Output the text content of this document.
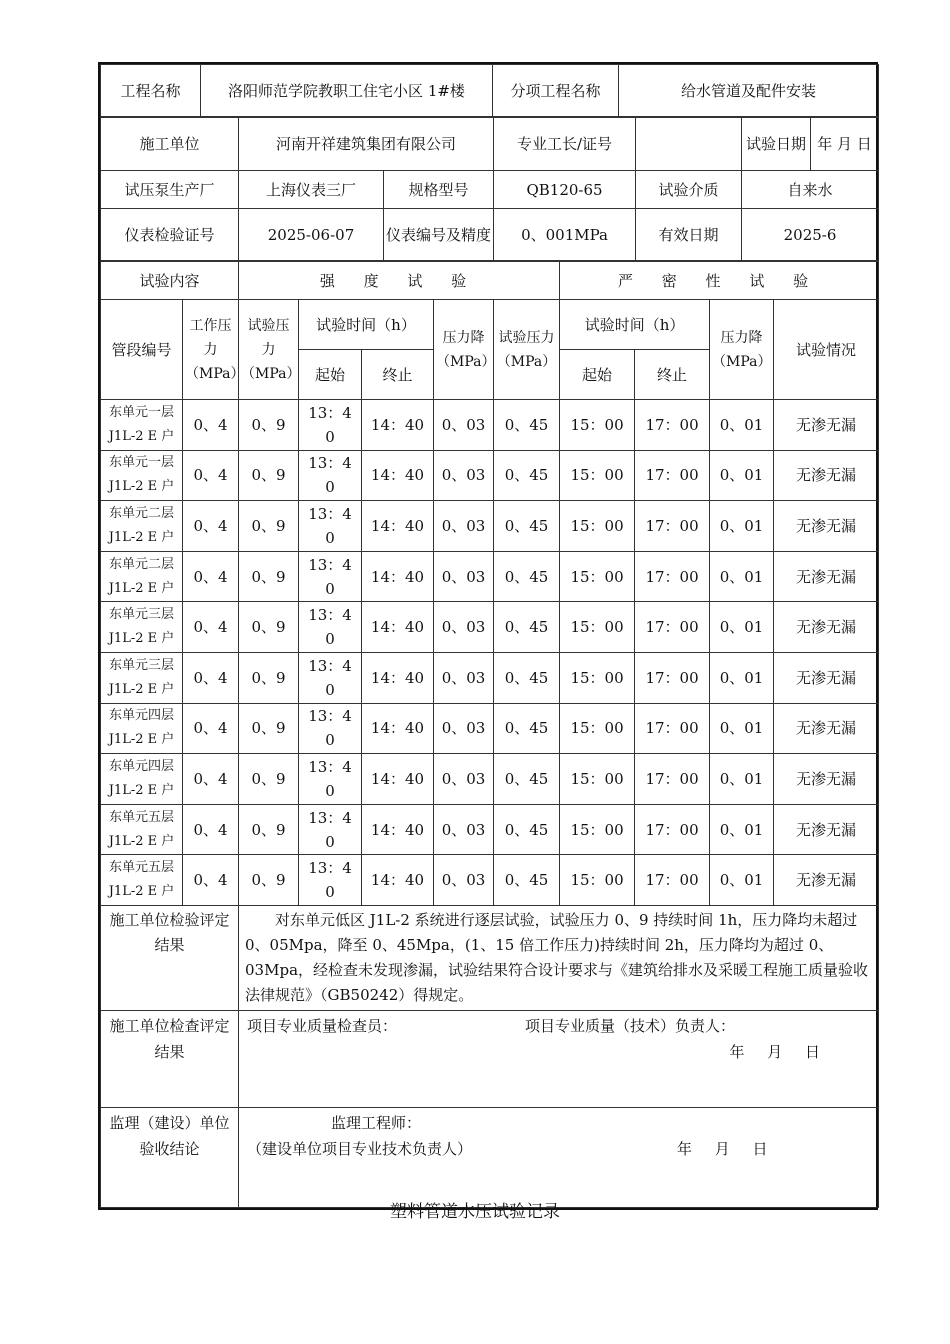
工程名称	洛阳师范学院教职工住宅小区 1#楼	分项工程名称	给水管道及配件安装
施工单位	河南开祥建筑集团有限公司		专业工长/证号		试验日期 年 月 日

试压泵生产厂	上海仪表三厂	规格型号	QB120-65	试验介质	自来水
仪表检验证号	2025-06-07	仪表编号及精度	0、001MPa	有效日期	2025-6
试验内容		强 度 试 验					严 密 性 试 验			
管段编号	工作压力（MPa）	试验压力（MPa）	试验时间（h）		压力降（MPa）	试验压力（MPa）	试验时间（h）		压力降（MPa）	试验情况
			起始	终止			起始	终止		

东单元一层
J1L-2 E 户	0、4	0、9	13：40	14：40	0、03	0、45	15：00	17：00	0、01	无渗无漏

东单元一层
J1L-2 E 户	0、4	0、9	13：40	14：40	0、03	0、45	15：00	17：00	0、01	无渗无漏

东单元二层
J1L-2 E 户	0、4	0、9	13：40	14：40	0、03	0、45	15：00	17：00	0、01	无渗无漏

东单元二层
J1L-2 E 户	0、4	0、9	13：40	14：40	0、03	0、45	15：00	17：00	0、01	无渗无漏

东单元三层
J1L-2 E 户	0、4	0、9	13：40	14：40	0、03	0、45	15：00	17：00	0、01	无渗无漏

东单元三层
J1L-2 E 户	0、4	0、9	13：40	14：40	0、03	0、45	15：00	17：00	0、01	无渗无漏

东单元四层
J1L-2 E 户	0、4	0、9	13：40	14：40	0、03	0、45	15：00	17：00	0、01	无渗无漏

东单元四层
J1L-2 E 户	0、4	0、9	13：40	14：40	0、03	0、45	15：00	17：00	0、01	无渗无漏

东单元五层
J1L-2 E 户	0、4	0、9	13：40	14：40	0、03	0、45	15：00	17：00	0、01	无渗无漏

东单元五层
J1L-2 E 户	0、4	0、9	13：40	14：40	0、03	0、45	15：00	17：00	0、01	无渗无漏
施工单位检验评定结果		对东单元低区 J1L-2 系统进行逐层试验，试验压力 0、9 持续时间 1h，压力降均未超过 0、05Mpa，降至 0、45Mpa，(1、15 倍工作压力)持续时间 2h，压力降均为超过 0、03Mpa，经检查未发现渗漏，试验结果符合设计要求与《建筑给排水及采暖工程施工质量验收法律规范》（GB50242）得规定。								
施工单位检查评定结果		项目专业质量检查员： 项目专业质量（技术）负责人：
年 月 日								

监理（建设）单位验收结论		监理工程师：
（建设单位项目专业技术负责人） 年 月 日								
塑料管道水压试验记录
